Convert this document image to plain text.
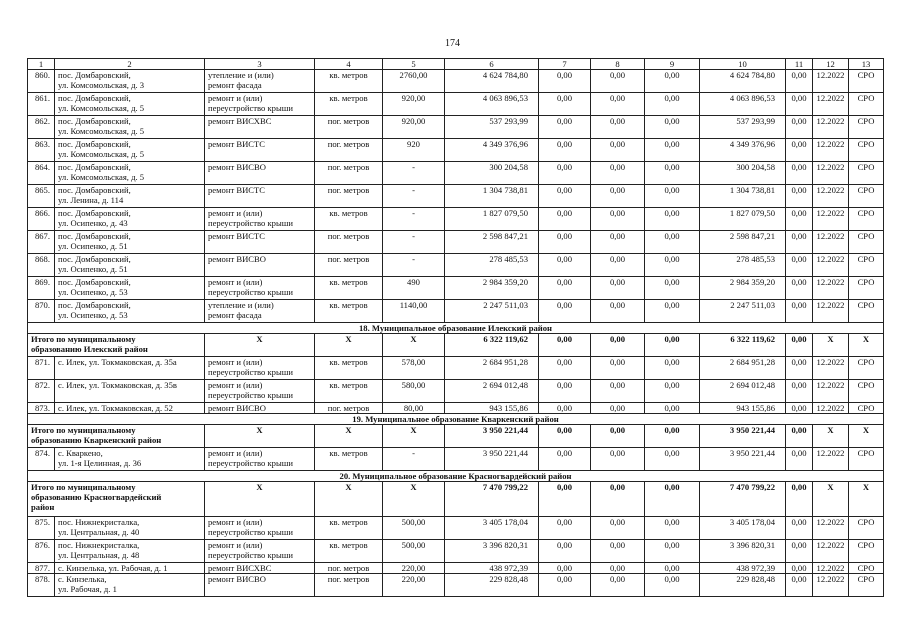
174
1	2	3	4	5	6	7	8	9	10	11	12	13
860.	пос. Домбаровский,
ул. Комсомольская, д. 3	утепление и (или)
ремонт фасада	кв. метров	2760,00	4 624 784,80	0,00	0,00	0,00	4 624 784,80	0,00	12.2022	СРО
861.	пос. Домбаровский,
ул. Комсомольская, д. 5	ремонт и (или)
переустройство крыши	кв. метров	920,00	4 063 896,53	0,00	0,00	0,00	4 063 896,53	0,00	12.2022	СРО
862.	пос. Домбаровский,
ул. Комсомольская, д. 5	ремонт ВИСХВС	пог. метров	920,00	537 293,99	0,00	0,00	0,00	537 293,99	0,00	12.2022	СРО
863.	пос. Домбаровский,
ул. Комсомольская, д. 5	ремонт ВИСТС	пог. метров	920	4 349 376,96	0,00	0,00	0,00	4 349 376,96	0,00	12.2022	СРО
864.	пос. Домбаровский,
ул. Комсомольская, д. 5	ремонт ВИСВО	пог. метров	-	300 204,58	0,00	0,00	0,00	300 204,58	0,00	12.2022	СРО
865.	пос. Домбаровский,
ул. Ленина, д. 114	ремонт ВИСТС	пог. метров	-	1 304 738,81	0,00	0,00	0,00	1 304 738,81	0,00	12.2022	СРО
866.	пос. Домбаровский,
ул. Осипенко, д. 43	ремонт и (или)
переустройство крыши	кв. метров	-	1 827 079,50	0,00	0,00	0,00	1 827 079,50	0,00	12.2022	СРО
867.	пос. Домбаровский,
ул. Осипенко, д. 51	ремонт ВИСТС	пог. метров	-	2 598 847,21	0,00	0,00	0,00	2 598 847,21	0,00	12.2022	СРО
868.	пос. Домбаровский,
ул. Осипенко, д. 51	ремонт ВИСВО	пог. метров	-	278 485,53	0,00	0,00	0,00	278 485,53	0,00	12.2022	СРО
869.	пос. Домбаровский,
ул. Осипенко, д. 53	ремонт и (или)
переустройство крыши	кв. метров	490	2 984 359,20	0,00	0,00	0,00	2 984 359,20	0,00	12.2022	СРО
870.	пос. Домбаровский,
ул. Осипенко, д. 53	утепление и (или)
ремонт фасада	кв. метров	1140,00	2 247 511,03	0,00	0,00	0,00	2 247 511,03	0,00	12.2022	СРО
18. Муниципальное образование Илекский район												

Итого по муниципальному
образованию Илекский район		X	X	X	6 322 119,62	0,00	0,00	0,00	6 322 119,62	0,00	X	X
871.	с. Илек, ул. Токмаковская, д. 35а	ремонт и (или)
переустройство крыши	кв. метров	578,00	2 684 951,28	0,00	0,00	0,00	2 684 951,28	0,00	12.2022	СРО
872.	с. Илек, ул. Токмаковская, д. 35в	ремонт и (или)
переустройство крыши	кв. метров	580,00	2 694 012,48	0,00	0,00	0,00	2 694 012,48	0,00	12.2022	СРО
873.	с. Илек, ул. Токмаковская, д. 52	ремонт ВИСВО	пог. метров	80,00	943 155,86	0,00	0,00	0,00	943 155,86	0,00	12.2022	СРО
19. Муниципальное образование Кваркенский район												

Итого по муниципальному
образованию Кваркенский район		X	X	X	3 950 221,44	0,00	0,00	0,00	3 950 221,44	0,00	X	X
874.	с. Кваркено,
ул. 1-я Целинная, д. 36	ремонт и (или)
переустройство крыши	кв. метров	-	3 950 221,44	0,00	0,00	0,00	3 950 221,44	0,00	12.2022	СРО
20. Муниципальное образование Красногвардейский район												

Итого по муниципальному
образованию Красногвардейский
район		X	X	X	7 470 799,22	0,00	0,00	0,00	7 470 799,22	0,00	X	X
875.	пос. Нижнекристалка,
ул. Центральная, д. 40	ремонт и (или)
переустройство крыши	кв. метров	500,00	3 405 178,04	0,00	0,00	0,00	3 405 178,04	0,00	12.2022	СРО
876.	пос. Нижнекристалка,
ул. Центральная, д. 48	ремонт и (или)
переустройство крыши	кв. метров	500,00	3 396 820,31	0,00	0,00	0,00	3 396 820,31	0,00	12.2022	СРО
877.	с. Кинзелька, ул. Рабочая, д. 1	ремонт ВИСХВС	пог. метров	220,00	438 972,39	0,00	0,00	0,00	438 972,39	0,00	12.2022	СРО
878.	с. Кинзелька,
ул. Рабочая, д. 1	ремонт ВИСВО	пог. метров	220,00	229 828,48	0,00	0,00	0,00	229 828,48	0,00	12.2022	СРО
